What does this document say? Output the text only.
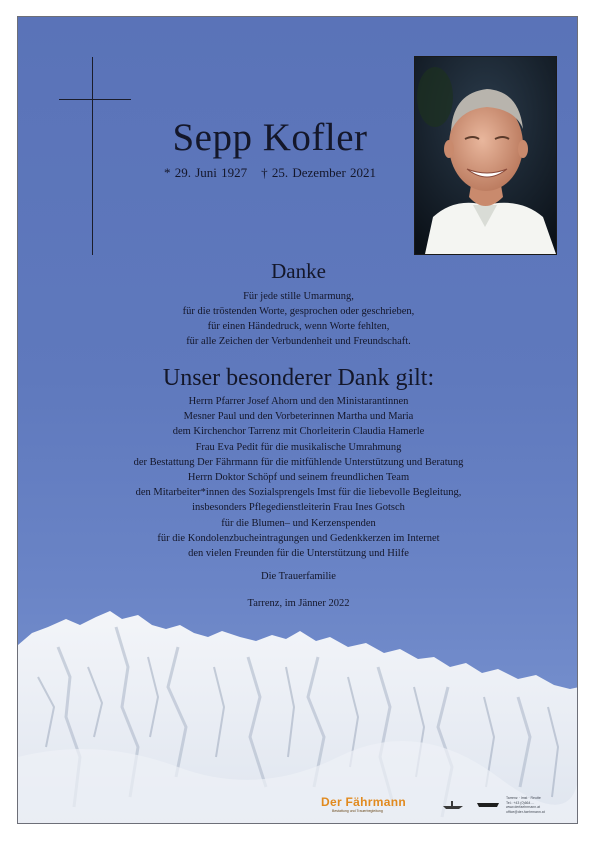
Sepp Kofler
* 29. Juni 1927 † 25. Dezember 2021
Danke
Für jede stille Umarmung,
für die tröstenden Worte, gesprochen oder geschrieben,
für einen Händedruck, wenn Worte fehlten,
für alle Zeichen der Verbundenheit und Freundschaft.
Unser besonderer Dank gilt:
Herrn Pfarrer Josef Ahorn und den Ministarantinnen
Mesner Paul und den Vorbeterinnen Martha und Maria
dem Kirchenchor Tarrenz mit Chorleiterin Claudia Hamerle
Frau Eva Pedit für die musikalische Umrahmung
der Bestattung Der Fährmann für die mitfühlende Unterstützung und Beratung
Herrn Doktor Schöpf und seinem freundlichen Team
den Mitarbeiter*innen des Sozialsprengels Imst für die liebevolle Begleitung,
insbesonders Pflegedienstleiterin Frau Ines Gotsch
für die Blumen– und Kerzenspenden
für die Kondolenzbucheintragungen und Gedenkkerzen im Internet
den vielen Freunden für die Unterstützung und Hilfe
Die Trauerfamilie
Tarrenz, im Jänner 2022
Der Fährmann
Bestattung und Trauerbegleitung
Tarrenz · Imst · Reutte
Tel.: +43 (0)664 ...
www.derfaehrmann.at
office@der-faehrmann.at
